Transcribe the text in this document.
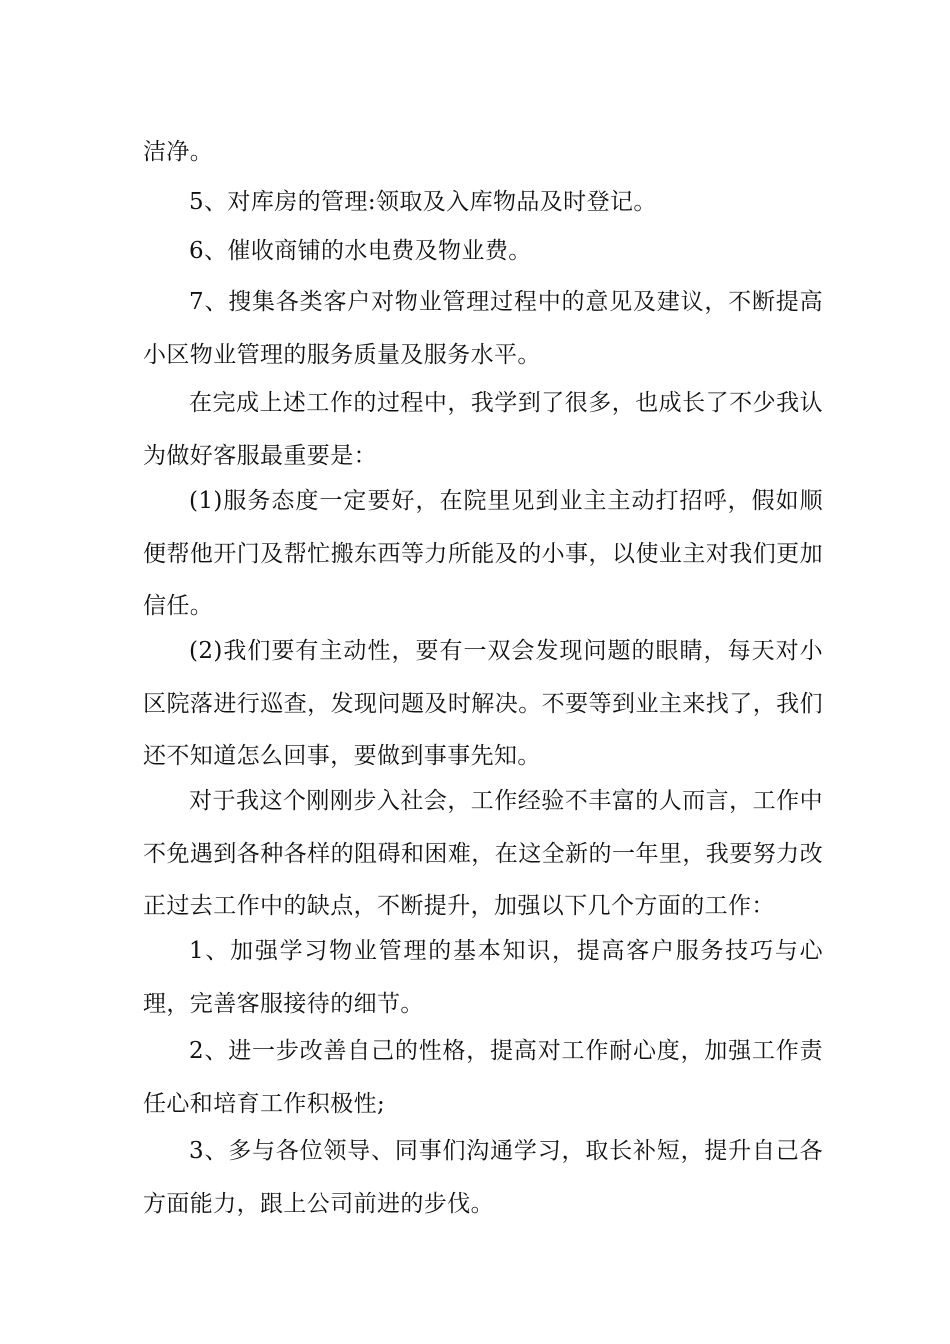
洁净。

5、对库房的管理:领取及入库物品及时登记。

6、催收商铺的水电费及物业费。

7、搜集各类客户对物业管理过程中的意见及建议，不断提高小区物业管理的服务质量及服务水平。

在完成上述工作的过程中，我学到了很多，也成长了不少我认为做好客服最重要是：

(1)服务态度一定要好，在院里见到业主主动打招呼，假如顺便帮他开门及帮忙搬东西等力所能及的小事，以使业主对我们更加信任。

(2)我们要有主动性，要有一双会发现问题的眼睛，每天对小区院落进行巡查，发现问题及时解决。不要等到业主来找了，我们还不知道怎么回事，要做到事事先知。

对于我这个刚刚步入社会，工作经验不丰富的人而言，工作中不免遇到各种各样的阻碍和困难，在这全新的一年里，我要努力改正过去工作中的缺点，不断提升，加强以下几个方面的工作：

1、加强学习物业管理的基本知识，提高客户服务技巧与心理，完善客服接待的细节。

2、进一步改善自己的性格，提高对工作耐心度，加强工作责任心和培育工作积极性;

3、多与各位领导、同事们沟通学习，取长补短，提升自己各方面能力，跟上公司前进的步伐。
